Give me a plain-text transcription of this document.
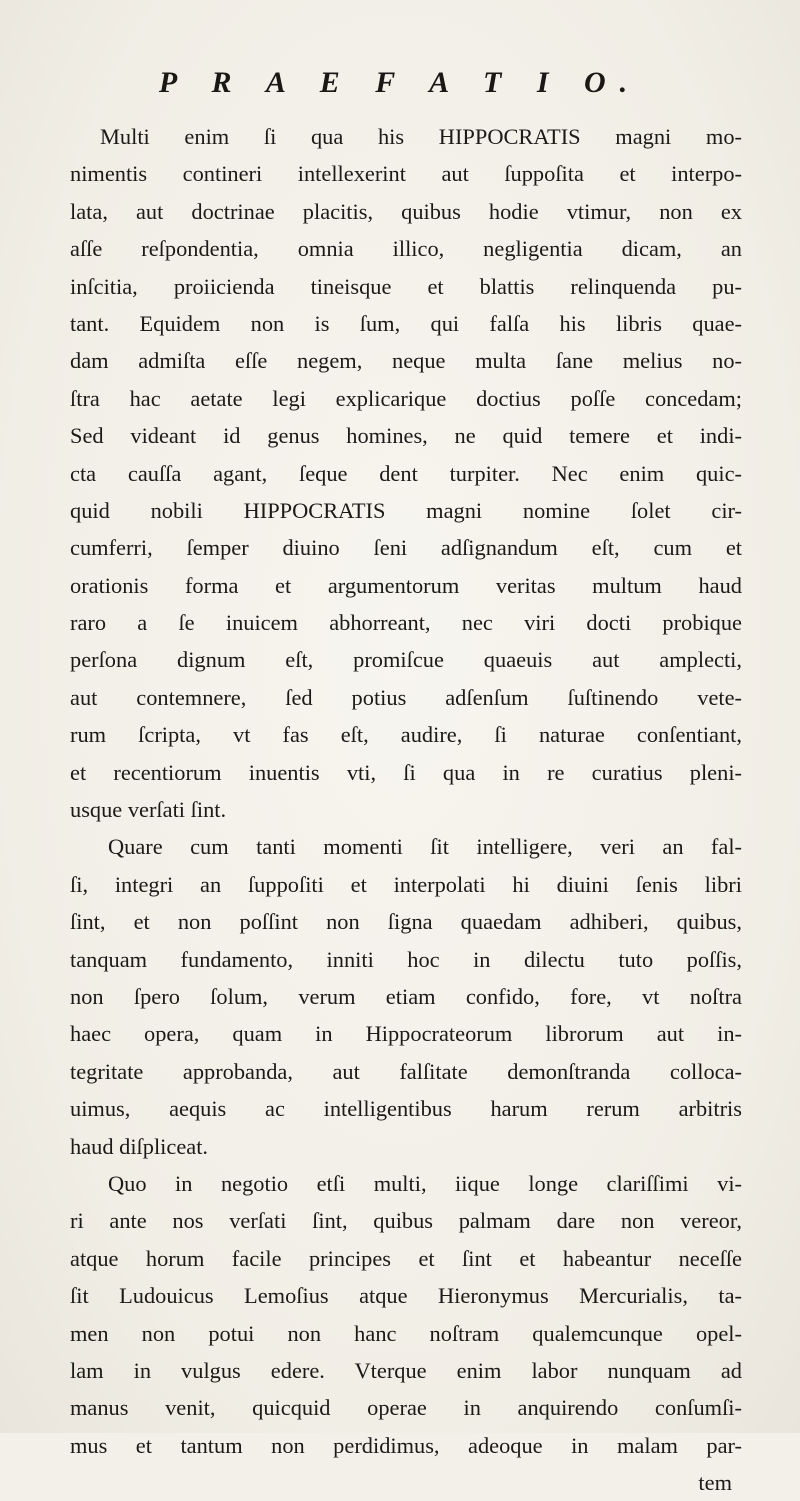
P R A E F A T I O.
Multi enim ſi qua his HIPPOCRATIS magni mo-
nimentis contineri intellexerint aut ſuppoſita et interpo-
lata, aut doctrinae placitis, quibus hodie vtimur, non ex
aſſe reſpondentia, omnia illico, negligentia dicam, an
inſcitia, proiicienda tineisque et blattis relinquenda pu-
tant. Equidem non is ſum, qui falſa his libris quae-
dam admiſta eſſe negem, neque multa ſane melius no-
ſtra hac aetate legi explicarique doctius poſſe concedam;
Sed videant id genus homines, ne quid temere et indi-
cta cauſſa agant, ſeque dent turpiter. Nec enim quic-
quid nobili HIPPOCRATIS magni nomine ſolet cir-
cumferri, ſemper diuino ſeni adſignandum eſt, cum et
orationis forma et argumentorum veritas multum haud
raro a ſe inuicem abhorreant, nec viri docti probique
perſona dignum eſt, promiſcue quaeuis aut amplecti,
aut contemnere, ſed potius adſenſum ſuſtinendo vete-
rum ſcripta, vt fas eſt, audire, ſi naturae conſentiant,
et recentiorum inuentis vti, ſi qua in re curatius pleni-
usque verſati ſint.
Quare cum tanti momenti ſit intelligere, veri an fal-
ſi, integri an ſuppoſiti et interpolati hi diuini ſenis libri
ſint, et non poſſint non ſigna quaedam adhiberi, quibus,
tanquam fundamento, inniti hoc in dilectu tuto poſſis,
non ſpero ſolum, verum etiam confido, fore, vt noſtra
haec opera, quam in Hippocrateorum librorum aut in-
tegritate approbanda, aut falſitate demonſtranda colloca-
uimus, aequis ac intelligentibus harum rerum arbitris
haud diſpliceat.
Quo in negotio etſi multi, iique longe clariſſimi vi-
ri ante nos verſati ſint, quibus palmam dare non vereor,
atque horum facile principes et ſint et habeantur neceſſe
ſit Ludouicus Lemoſius atque Hieronymus Mercurialis, ta-
men non potui non hanc noſtram qualemcunque opel-
lam in vulgus edere. Vterque enim labor nunquam ad
manus venit, quicquid operae in anquirendo conſumſi-
mus et tantum non perdidimus, adeoque in malam par-
tem
